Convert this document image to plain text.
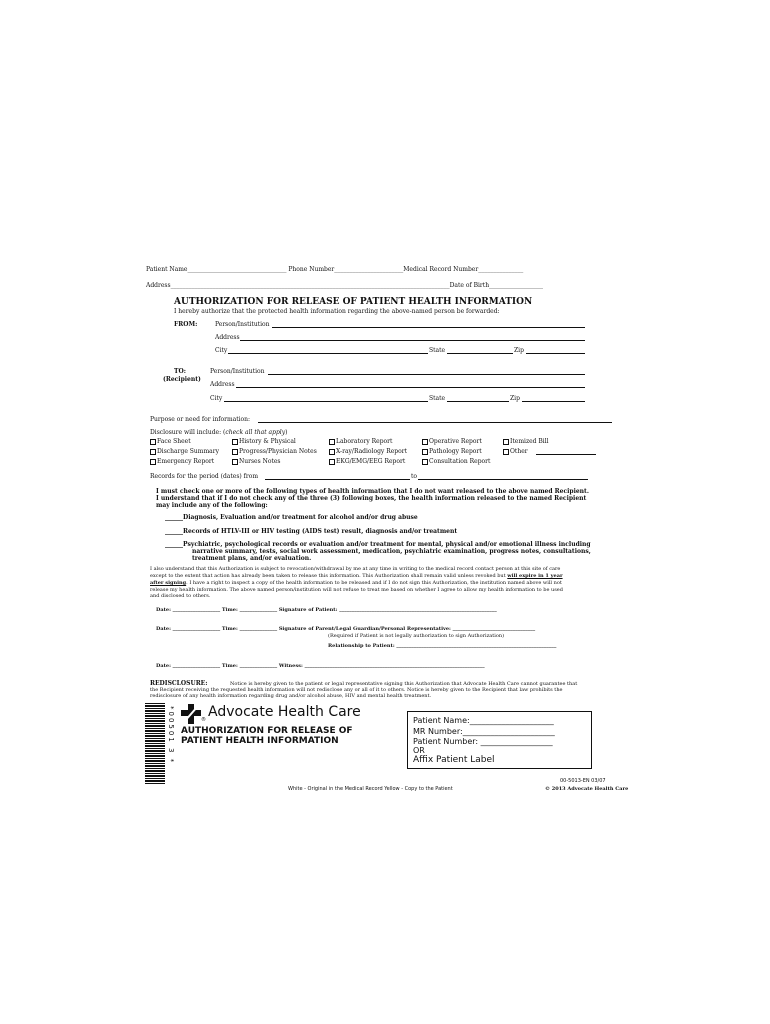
Patient Name_________________________________ Phone Number_______________________Medical Record Number_______________
Address_____________________________________________________________________________________________Date of Birth__________________
AUTHORIZATION FOR RELEASE OF PATIENT HEALTH INFORMATION
I hereby authorize that the protected health information regarding the above-named person be forwarded:
FROM:	Person/Institution
Address
City	State	Zip
TO:
(Recipient)
Person/Institution
Address
City	State	Zip
Purpose or need for information:
Disclosure will include: (check all that apply)
Face Sheet	History & Physical	Laboratory Report	Operative Report	Itemized Bill
Discharge Summary	Progress/Physician Notes	X-ray/Radiology Report	Pathology Report	Other
Emergency Report	Nurses Notes	EKG/EMG/EEG Report	Consultation Report
Records for the period (dates) from	to
I must check one or more of the following types of health information that I do not want released to the above named Recipient.
I understand that if I do not check any of the three (3) following boxes, the health information released to the named Recipient
may include any of the following:
______Diagnosis, Evaluation and/or treatment for alcohol and/or drug abuse
______Records of HTLV-III or HIV testing (AIDS test) result, diagnosis and/or treatment
______Psychiatric, psychological records or evaluation and/or treatment for mental, physical and/or emotional illness including
narrative summary, tests, social work assessment, medication, psychiatric examination, progress notes, consultations,
treatment plans, and/or evaluation.
I also understand that this Authorization is subject to revocation/withdrawal by me at any time in writing to the medical record contact person at this site of care
except to the extent that action has already been taken to release this information. This Authorization shall remain valid unless revoked but will expire in 1 year
after signing. I have a right to inspect a copy of the health information to be released and if I do not sign this Authorization, the institution named above will not
release my health information. The above named person/institution will not refuse to treat me based on whether I agree to allow my health information to be used
and disclosed to others.
Date: ___________________ Time: _______________ Signature of Patient: _______________________________________________________________
Date: ___________________ Time: _______________ Signature of Parent/Legal Guardian/Personal Representative: _________________________________
(Required if Patient is not legally authorization to sign Authorization)
Relationship to Patient: ________________________________________________________________
Date: ___________________ Time: _______________ Witness: ________________________________________________________________________
REDISCLOSURE:	Notice is hereby given to the patient or legal representative signing this Authorization that Advocate Health Care cannot guarantee that
the Recipient receiving the requested health information will not redisclose any or all of it to others. Notice is hereby given to the Recipient that law prohibits the
redisclosure of any health information regarding drug and/or alcohol abuse, HIV and mental health treatment.
*00501 3 *	® Advocate Health Care
AUTHORIZATION FOR RELEASE OF
PATIENT HEALTH INFORMATION
Patient Name:_____________________
MR Number:_______________________
Patient Number: __________________
OR
Affix Patient Label
00-5013-EN 03/07
White - Original in the Medical Record Yellow - Copy to the Patient	© 2013 Advocate Health Care
